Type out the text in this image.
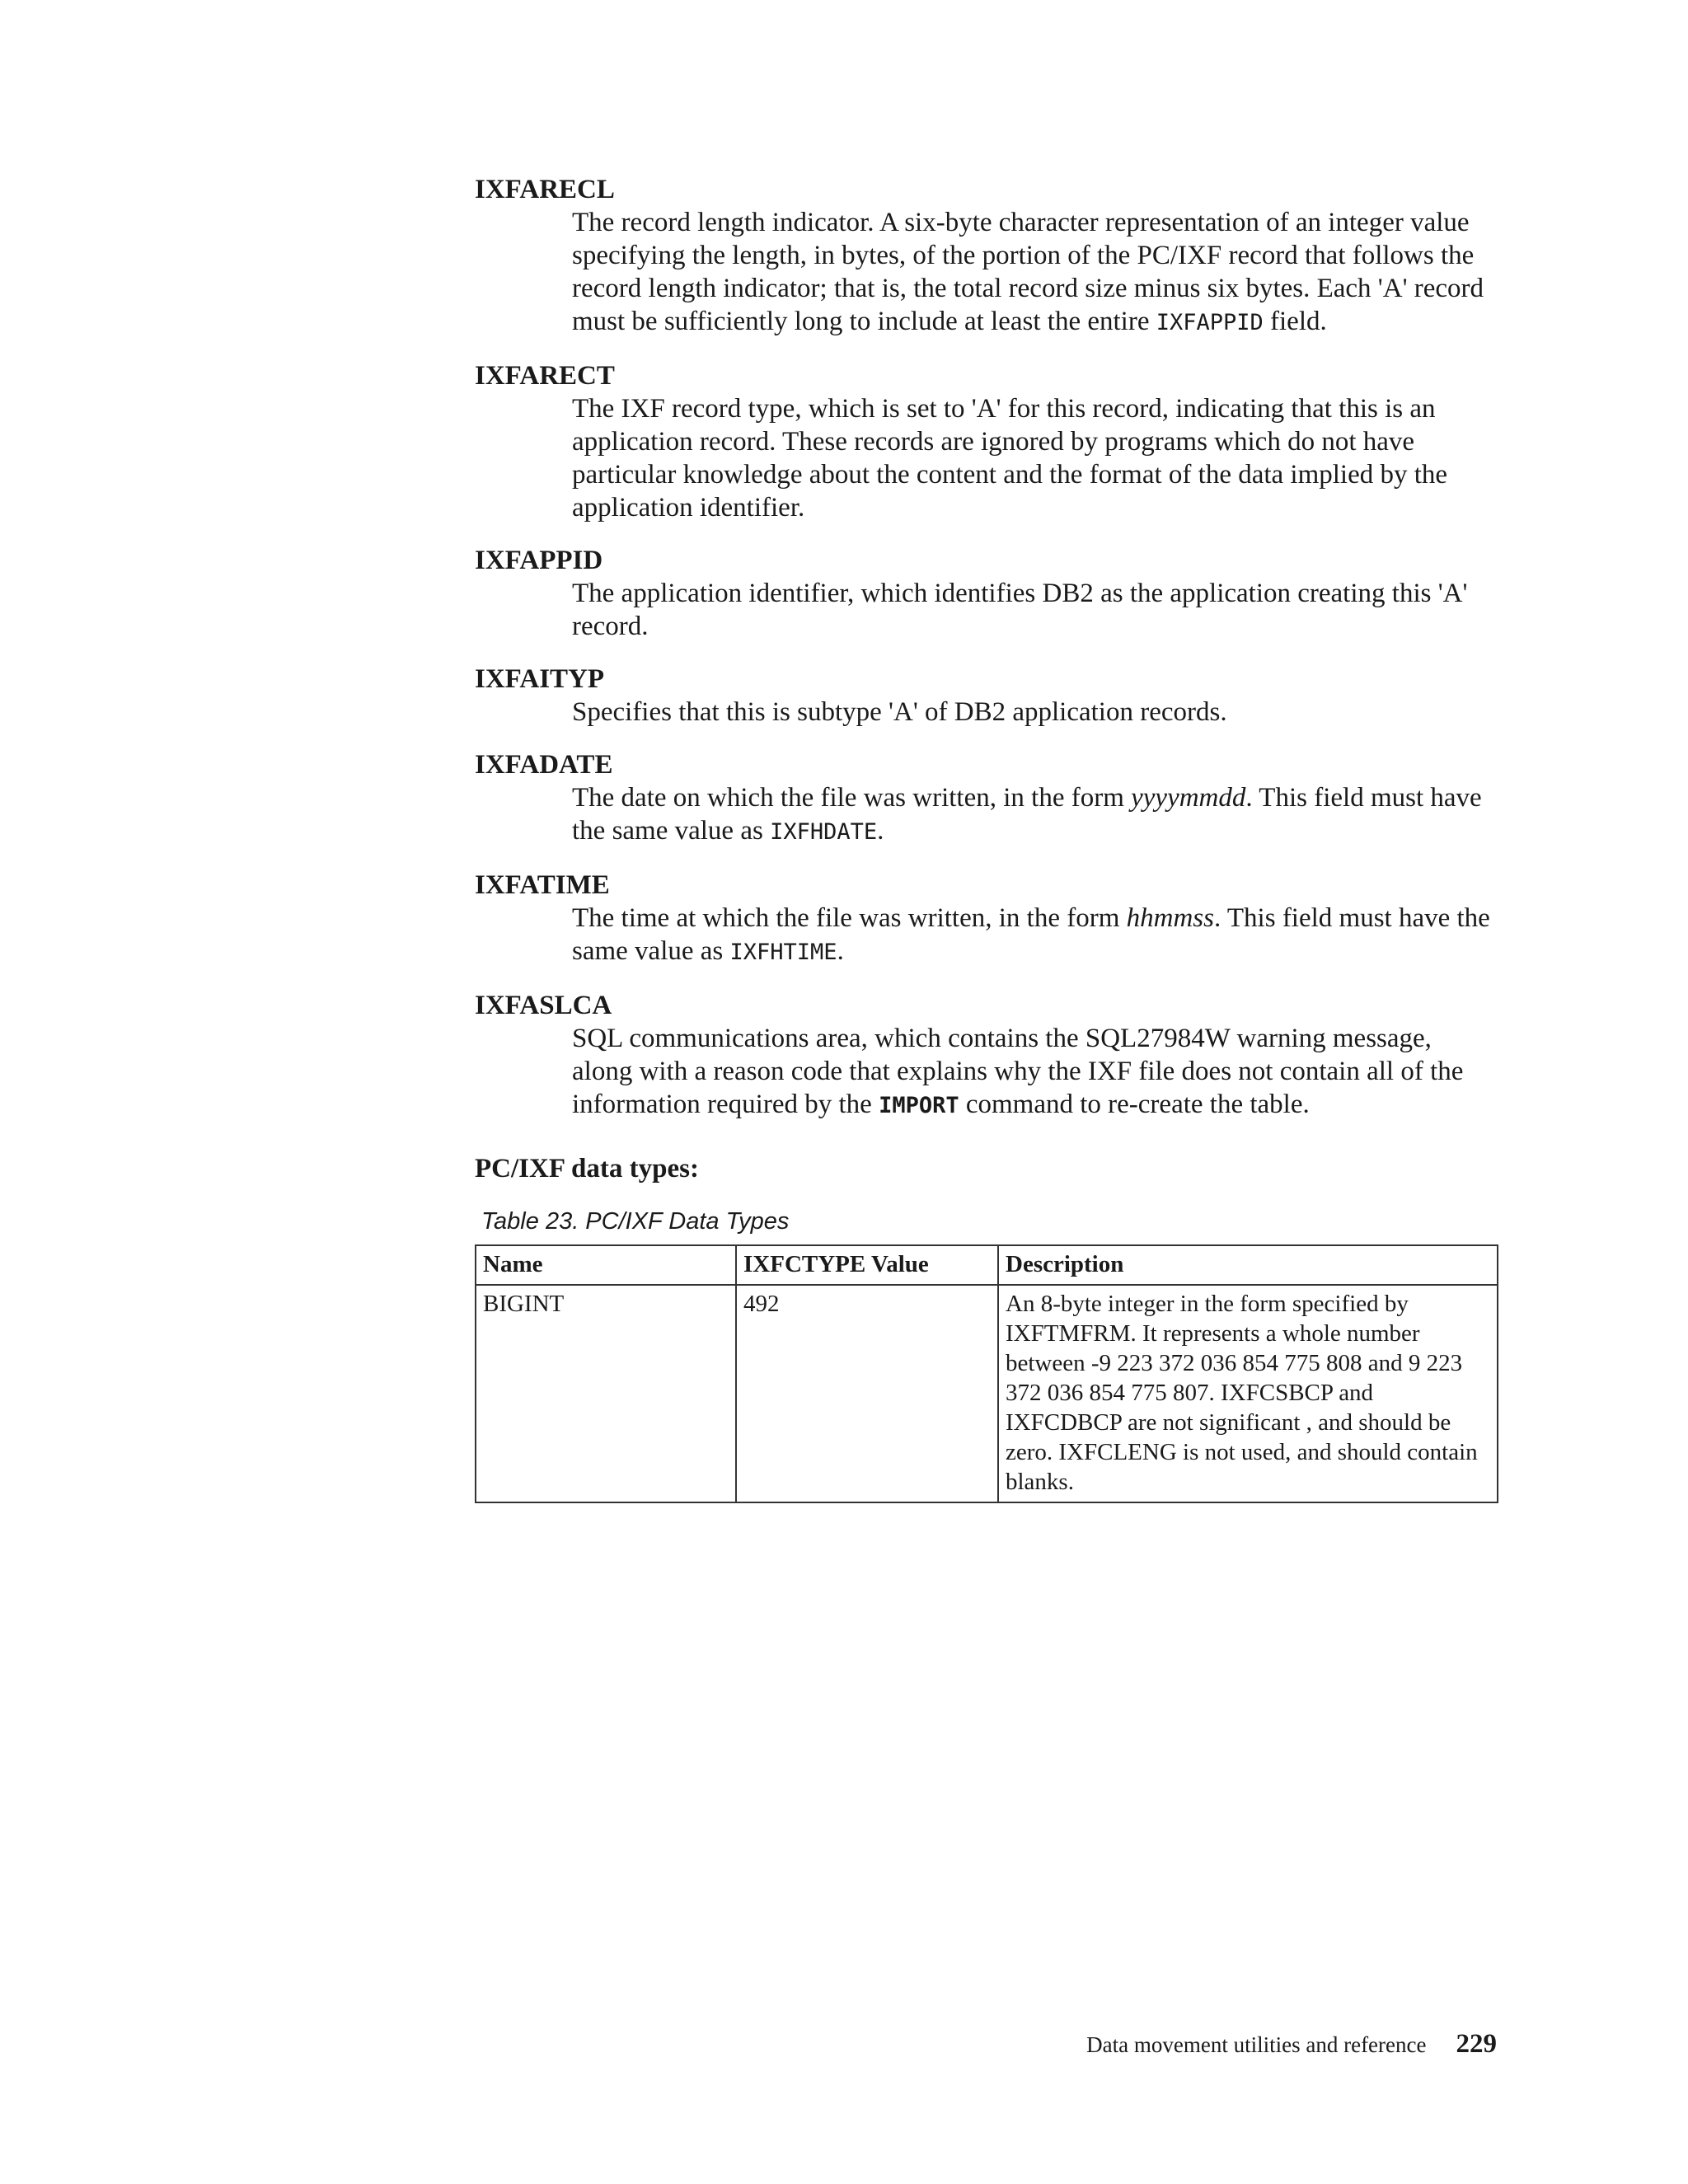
IXFARECL

The record length indicator. A six-byte character representation of an integer value specifying the length, in bytes, of the portion of the PC/IXF record that follows the record length indicator; that is, the total record size minus six bytes. Each 'A' record must be sufficiently long to include at least the entire IXFAPPID field.

IXFARECT

The IXF record type, which is set to 'A' for this record, indicating that this is an application record. These records are ignored by programs which do not have particular knowledge about the content and the format of the data implied by the application identifier.

IXFAPPID

The application identifier, which identifies DB2 as the application creating this 'A' record.

IXFAITYP

Specifies that this is subtype 'A' of DB2 application records.

IXFADATE

The date on which the file was written, in the form yyyymmdd. This field must have the same value as IXFHDATE.

IXFATIME

The time at which the file was written, in the form hhmmss. This field must have the same value as IXFHTIME.

IXFASLCA

SQL communications area, which contains the SQL27984W warning message, along with a reason code that explains why the IXF file does not contain all of the information required by the IMPORT command to re-create the table.

PC/IXF data types:

Table 23. PC/IXF Data Types

Name	IXFCTYPE Value	Description
BIGINT	492	An 8-byte integer in the form specified by IXFTMFRM. It represents a whole number between -9 223 372 036 854 775 808 and 9 223 372 036 854 775 807. IXFCSBCP and IXFCDBCP are not significant , and should be zero. IXFCLENG is not used, and should contain blanks.
Data movement utilities and reference 229
